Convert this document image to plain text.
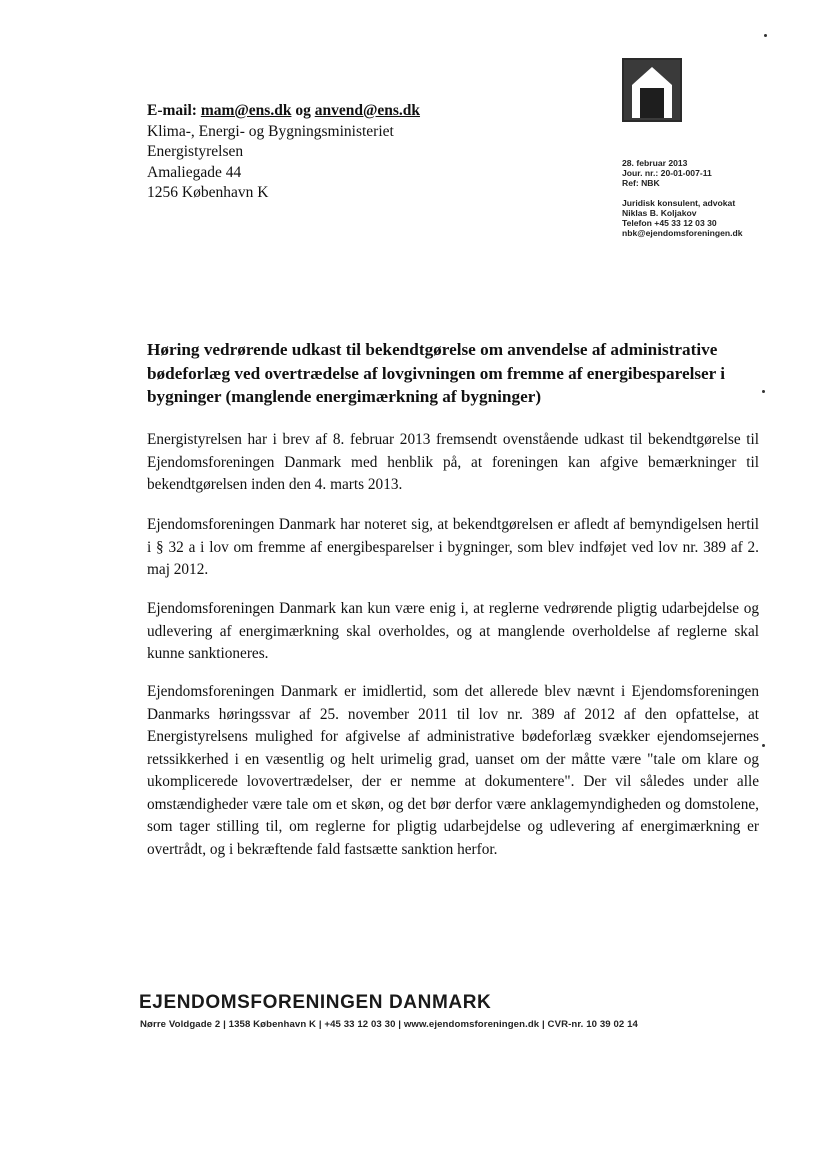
E-mail: mam@ens.dk og anvend@ens.dk
Klima-, Energi- og Bygningsministeriet
Energistyrelsen
Amaliegade 44
1256 København K
28. februar 2013
Jour. nr.: 20-01-007-11
Ref: NBK
Juridisk konsulent, advokat
Niklas B. Koljakov
Telefon +45 33 12 03 30
nbk@ejendomsforeningen.dk
Høring vedrørende udkast til bekendtgørelse om anvendelse af administrative bødeforlæg ved overtrædelse af lovgivningen om fremme af energibesparelser i bygninger (manglende energimærkning af bygninger)
Energistyrelsen har i brev af 8. februar 2013 fremsendt ovenstående udkast til bekendtgørelse til Ejendomsforeningen Danmark med henblik på, at foreningen kan afgive bemærkninger til bekendtgørelsen inden den 4. marts 2013.
Ejendomsforeningen Danmark har noteret sig, at bekendtgørelsen er afledt af bemyndigelsen hertil i § 32 a i lov om fremme af energibesparelser i bygninger, som blev indføjet ved lov nr. 389 af 2. maj 2012.
Ejendomsforeningen Danmark kan kun være enig i, at reglerne vedrørende pligtig udarbejdelse og udlevering af energimærkning skal overholdes, og at manglende overholdelse af reglerne skal kunne sanktioneres.
Ejendomsforeningen Danmark er imidlertid, som det allerede blev nævnt i Ejendomsforeningen Danmarks høringssvar af 25. november 2011 til lov nr. 389 af 2012 af den opfattelse, at Energistyrelsens mulighed for afgivelse af administrative bødeforlæg svækker ejendomsejernes retssikkerhed i en væsentlig og helt urimelig grad, uanset om der måtte være "tale om klare og ukomplicerede lovovertrædelser, der er nemme at dokumentere". Der vil således under alle omstændigheder være tale om et skøn, og det bør derfor være anklagemyndigheden og domstolene, som tager stilling til, om reglerne for pligtig udarbejdelse og udlevering af energimærkning er overtrådt, og i bekræftende fald fastsætte sanktion herfor.
EJENDOMSFORENINGEN DANMARK
Nørre Voldgade 2 | 1358 København K | +45 33 12 03 30 | www.ejendomsforeningen.dk | CVR-nr. 10 39 02 14
